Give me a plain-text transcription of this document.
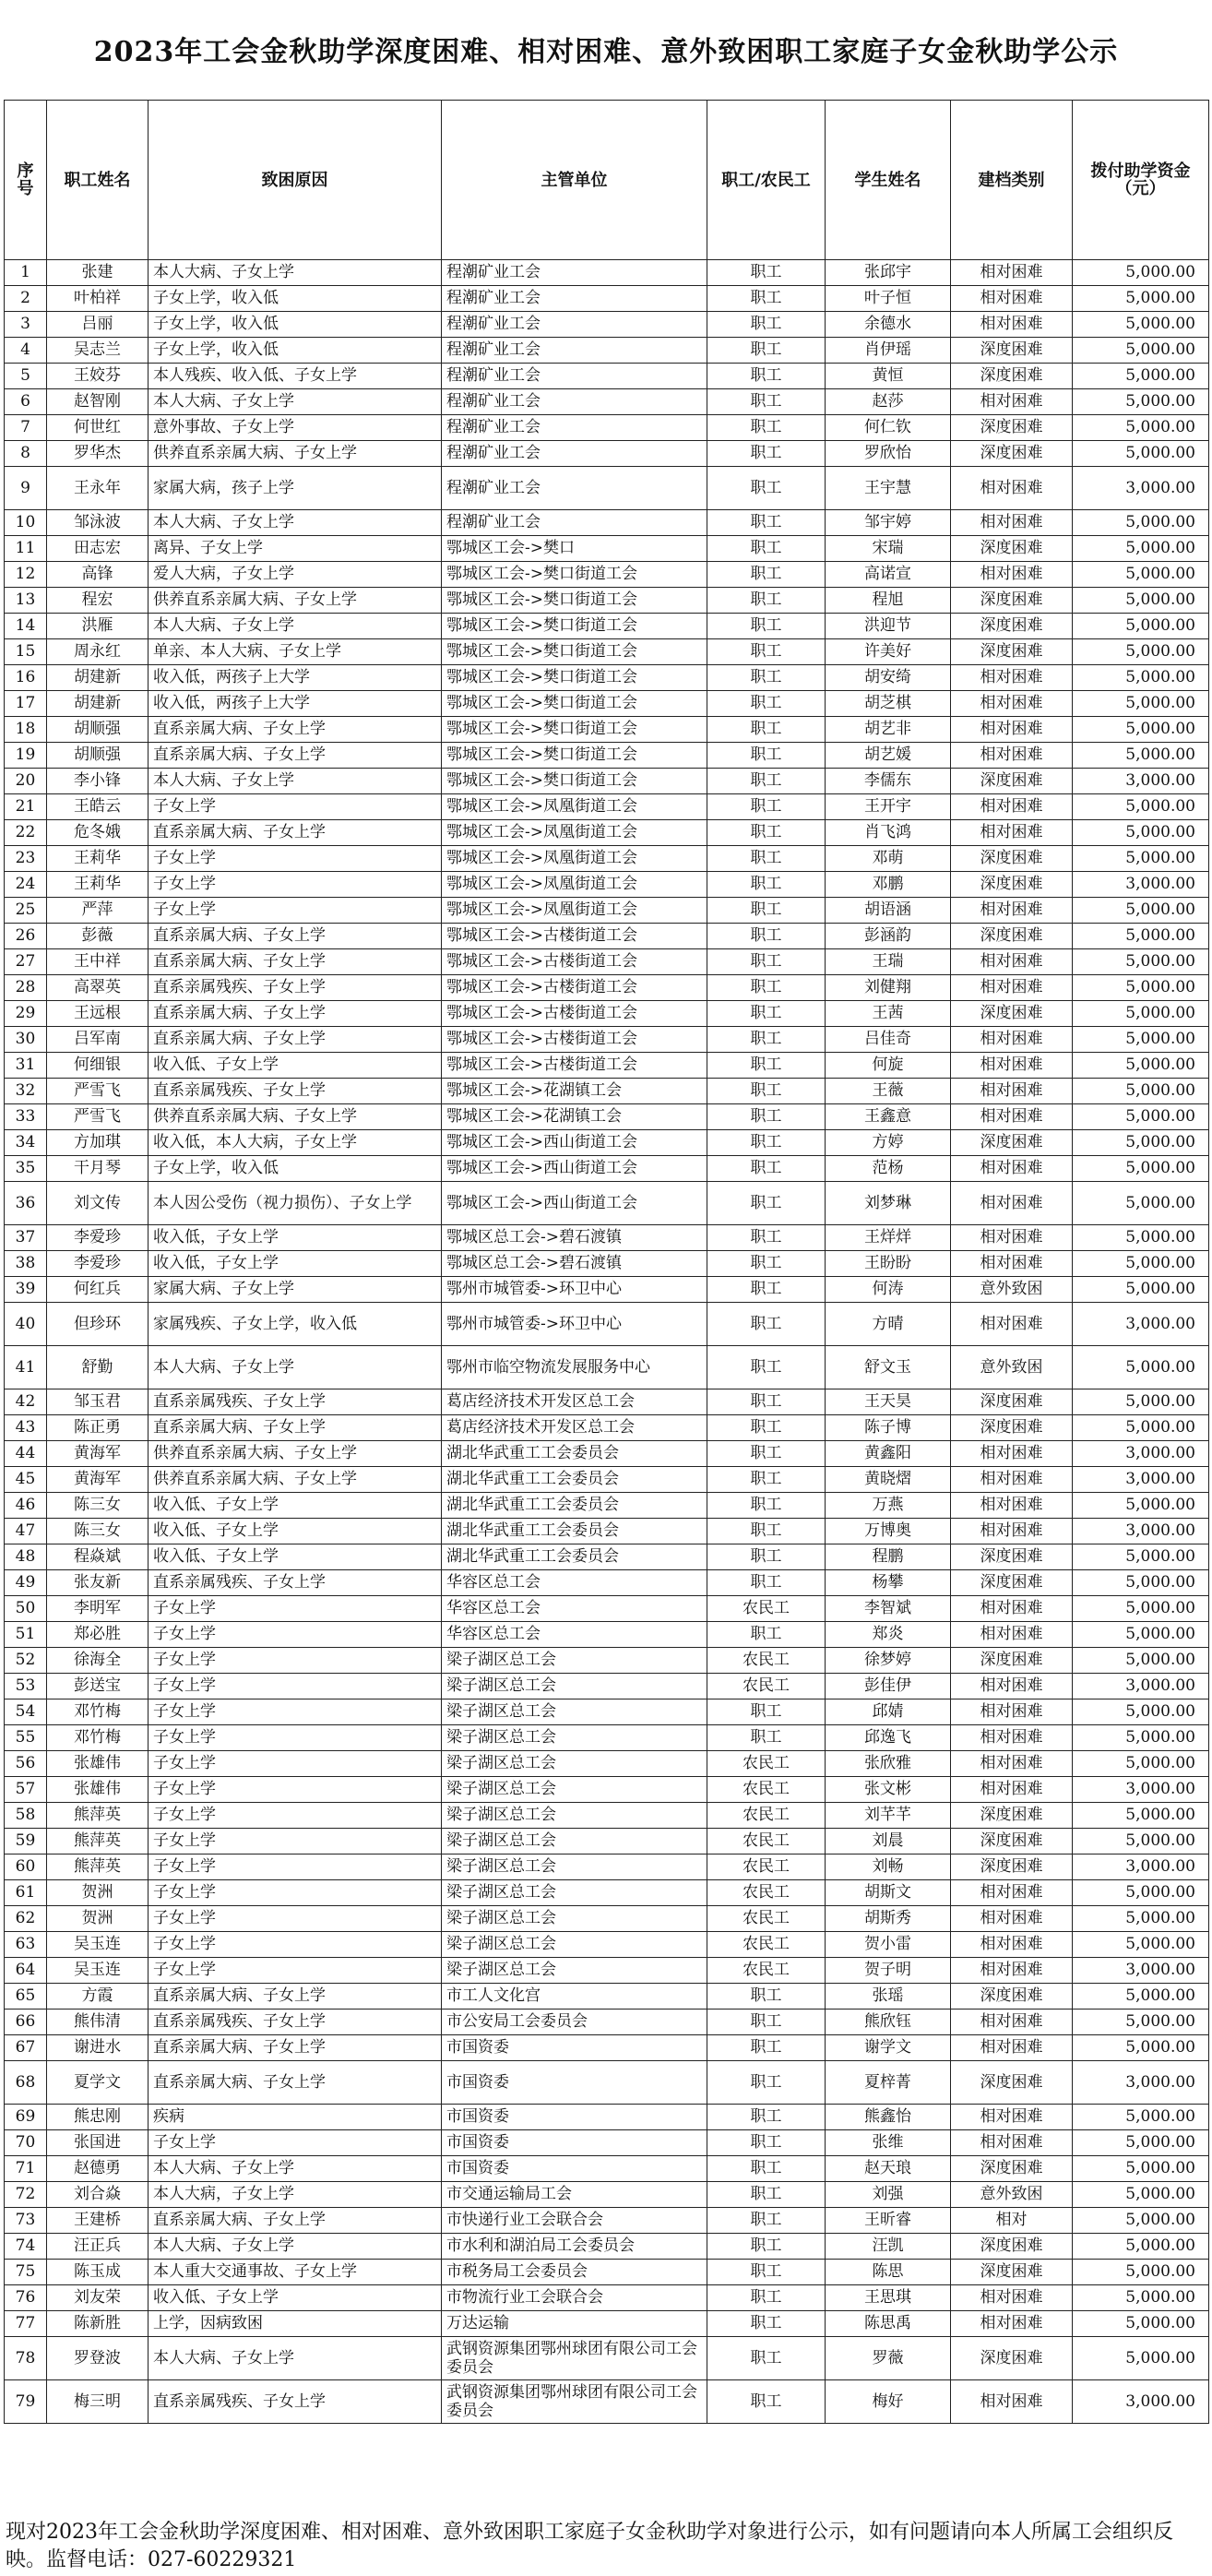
2023年工会金秋助学深度困难、相对困难、意外致困职工家庭子女金秋助学公示
序号	职工姓名	致困原因	主管单位	职工/农民工	学生姓名	建档类别	拨付助学资金（元）
1	张建	本人大病、子女上学	程潮矿业工会	职工	张邱宇	相对困难	5,000.00
2	叶柏祥	子女上学，收入低	程潮矿业工会	职工	叶子恒	相对困难	5,000.00
3	吕丽	子女上学，收入低	程潮矿业工会	职工	余德水	相对困难	5,000.00
4	吴志兰	子女上学，收入低	程潮矿业工会	职工	肖伊瑶	深度困难	5,000.00
5	王姣芬	本人残疾、收入低、子女上学	程潮矿业工会	职工	黄恒	深度困难	5,000.00
6	赵智刚	本人大病、子女上学	程潮矿业工会	职工	赵莎	相对困难	5,000.00
7	何世红	意外事故、子女上学	程潮矿业工会	职工	何仁钦	深度困难	5,000.00
8	罗华杰	供养直系亲属大病、子女上学	程潮矿业工会	职工	罗欣怡	深度困难	5,000.00
9	王永年	家属大病，孩子上学	程潮矿业工会	职工	王宇慧	相对困难	3,000.00
10	邹泳波	本人大病、子女上学	程潮矿业工会	职工	邹宇婷	相对困难	5,000.00
11	田志宏	离异、子女上学	鄂城区工会->樊口	职工	宋瑞	深度困难	5,000.00
12	高锋	爱人大病，子女上学	鄂城区工会->樊口街道工会	职工	高诺宣	相对困难	5,000.00
13	程宏	供养直系亲属大病、子女上学	鄂城区工会->樊口街道工会	职工	程旭	深度困难	5,000.00
14	洪雁	本人大病、子女上学	鄂城区工会->樊口街道工会	职工	洪迎节	深度困难	5,000.00
15	周永红	单亲、本人大病、子女上学	鄂城区工会->樊口街道工会	职工	许美好	深度困难	5,000.00
16	胡建新	收入低，两孩子上大学	鄂城区工会->樊口街道工会	职工	胡安绮	相对困难	5,000.00
17	胡建新	收入低，两孩子上大学	鄂城区工会->樊口街道工会	职工	胡芝棋	相对困难	5,000.00
18	胡顺强	直系亲属大病、子女上学	鄂城区工会->樊口街道工会	职工	胡艺非	相对困难	5,000.00
19	胡顺强	直系亲属大病、子女上学	鄂城区工会->樊口街道工会	职工	胡艺媛	相对困难	5,000.00
20	李小锋	本人大病、子女上学	鄂城区工会->樊口街道工会	职工	李儒东	深度困难	3,000.00
21	王皓云	子女上学	鄂城区工会->凤凰街道工会	职工	王开宇	相对困难	5,000.00
22	危冬娥	直系亲属大病、子女上学	鄂城区工会->凤凰街道工会	职工	肖飞鸿	相对困难	5,000.00
23	王莉华	子女上学	鄂城区工会->凤凰街道工会	职工	邓萌	深度困难	5,000.00
24	王莉华	子女上学	鄂城区工会->凤凰街道工会	职工	邓鹏	深度困难	3,000.00
25	严萍	子女上学	鄂城区工会->凤凰街道工会	职工	胡语涵	相对困难	5,000.00
26	彭薇	直系亲属大病、子女上学	鄂城区工会->古楼街道工会	职工	彭涵韵	深度困难	5,000.00
27	王中祥	直系亲属大病、子女上学	鄂城区工会->古楼街道工会	职工	王瑞	相对困难	5,000.00
28	高翠英	直系亲属残疾、子女上学	鄂城区工会->古楼街道工会	职工	刘健翔	相对困难	5,000.00
29	王远根	直系亲属大病、子女上学	鄂城区工会->古楼街道工会	职工	王茜	深度困难	5,000.00
30	吕军南	直系亲属大病、子女上学	鄂城区工会->古楼街道工会	职工	吕佳奇	相对困难	5,000.00
31	何细银	收入低、子女上学	鄂城区工会->古楼街道工会	职工	何旋	相对困难	5,000.00
32	严雪飞	直系亲属残疾、子女上学	鄂城区工会->花湖镇工会	职工	王薇	相对困难	5,000.00
33	严雪飞	供养直系亲属大病、子女上学	鄂城区工会->花湖镇工会	职工	王鑫意	相对困难	5,000.00
34	方加琪	收入低，本人大病，子女上学	鄂城区工会->西山街道工会	职工	方婷	深度困难	5,000.00
35	干月琴	子女上学，收入低	鄂城区工会->西山街道工会	职工	范杨	相对困难	5,000.00
36	刘文传	本人因公受伤（视力损伤）、子女上学	鄂城区工会->西山街道工会	职工	刘梦琳	相对困难	5,000.00
37	李爱珍	收入低，子女上学	鄂城区总工会->碧石渡镇	职工	王烊烊	相对困难	5,000.00
38	李爱珍	收入低，子女上学	鄂城区总工会->碧石渡镇	职工	王盼盼	相对困难	5,000.00
39	何红兵	家属大病、子女上学	鄂州市城管委->环卫中心	职工	何涛	意外致困	5,000.00
40	但珍环	家属残疾、子女上学，收入低	鄂州市城管委->环卫中心	职工	方晴	相对困难	3,000.00
41	舒勤	本人大病、子女上学	鄂州市临空物流发展服务中心	职工	舒文玉	意外致困	5,000.00
42	邹玉君	直系亲属残疾、子女上学	葛店经济技术开发区总工会	职工	王天昊	深度困难	5,000.00
43	陈正勇	直系亲属大病、子女上学	葛店经济技术开发区总工会	职工	陈子博	深度困难	5,000.00
44	黄海军	供养直系亲属大病、子女上学	湖北华武重工工会委员会	职工	黄鑫阳	相对困难	3,000.00
45	黄海军	供养直系亲属大病、子女上学	湖北华武重工工会委员会	职工	黄晓熠	相对困难	3,000.00
46	陈三女	收入低、子女上学	湖北华武重工工会委员会	职工	万燕	相对困难	5,000.00
47	陈三女	收入低、子女上学	湖北华武重工工会委员会	职工	万博奥	相对困难	3,000.00
48	程焱斌	收入低、子女上学	湖北华武重工工会委员会	职工	程鹏	深度困难	5,000.00
49	张友新	直系亲属残疾、子女上学	华容区总工会	职工	杨攀	深度困难	5,000.00
50	李明军	子女上学	华容区总工会	农民工	李智斌	相对困难	5,000.00
51	郑必胜	子女上学	华容区总工会	职工	郑炎	相对困难	5,000.00
52	徐海全	子女上学	梁子湖区总工会	农民工	徐梦婷	深度困难	5,000.00
53	彭送宝	子女上学	梁子湖区总工会	农民工	彭佳伊	相对困难	3,000.00
54	邓竹梅	子女上学	梁子湖区总工会	职工	邱婧	相对困难	5,000.00
55	邓竹梅	子女上学	梁子湖区总工会	职工	邱逸飞	相对困难	5,000.00
56	张雄伟	子女上学	梁子湖区总工会	农民工	张欣雅	相对困难	5,000.00
57	张雄伟	子女上学	梁子湖区总工会	农民工	张文彬	相对困难	3,000.00
58	熊萍英	子女上学	梁子湖区总工会	农民工	刘芊芊	深度困难	5,000.00
59	熊萍英	子女上学	梁子湖区总工会	农民工	刘晨	深度困难	5,000.00
60	熊萍英	子女上学	梁子湖区总工会	农民工	刘畅	深度困难	3,000.00
61	贺洲	子女上学	梁子湖区总工会	农民工	胡斯文	相对困难	5,000.00
62	贺洲	子女上学	梁子湖区总工会	农民工	胡斯秀	相对困难	5,000.00
63	吴玉连	子女上学	梁子湖区总工会	农民工	贺小雷	相对困难	5,000.00
64	吴玉连	子女上学	梁子湖区总工会	农民工	贺子明	相对困难	3,000.00
65	方霞	直系亲属大病、子女上学	市工人文化宫	职工	张瑶	深度困难	5,000.00
66	熊伟清	直系亲属残疾、子女上学	市公安局工会委员会	职工	熊欣钰	相对困难	5,000.00
67	谢进水	直系亲属大病、子女上学	市国资委	职工	谢学文	相对困难	5,000.00
68	夏学文	直系亲属大病、子女上学	市国资委	职工	夏梓菁	深度困难	3,000.00
69	熊忠刚	疾病	市国资委	职工	熊鑫怡	相对困难	5,000.00
70	张国进	子女上学	市国资委	职工	张维	相对困难	5,000.00
71	赵德勇	本人大病、子女上学	市国资委	职工	赵天琅	深度困难	5,000.00
72	刘合焱	本人大病，子女上学	市交通运输局工会	职工	刘强	意外致困	5,000.00
73	王建桥	直系亲属大病、子女上学	市快递行业工会联合会	职工	王昕睿	相对	5,000.00
74	汪正兵	本人大病、子女上学	市水利和湖泊局工会委员会	职工	汪凯	深度困难	5,000.00
75	陈玉成	本人重大交通事故、子女上学	市税务局工会委员会	职工	陈思	深度困难	5,000.00
76	刘友荣	收入低、子女上学	市物流行业工会联合会	职工	王思琪	相对困难	5,000.00
77	陈新胜	上学，因病致困	万达运输	职工	陈思禹	相对困难	5,000.00
78	罗登波	本人大病、子女上学	武钢资源集团鄂州球团有限公司工会委员会	职工	罗薇	深度困难	5,000.00
79	梅三明	直系亲属残疾、子女上学	武钢资源集团鄂州球团有限公司工会委员会	职工	梅好	相对困难	3,000.00
现对2023年工会金秋助学深度困难、相对困难、意外致困职工家庭子女金秋助学对象进行公示，如有问题请向本人所属工会组织反映。监督电话：027-60229321
